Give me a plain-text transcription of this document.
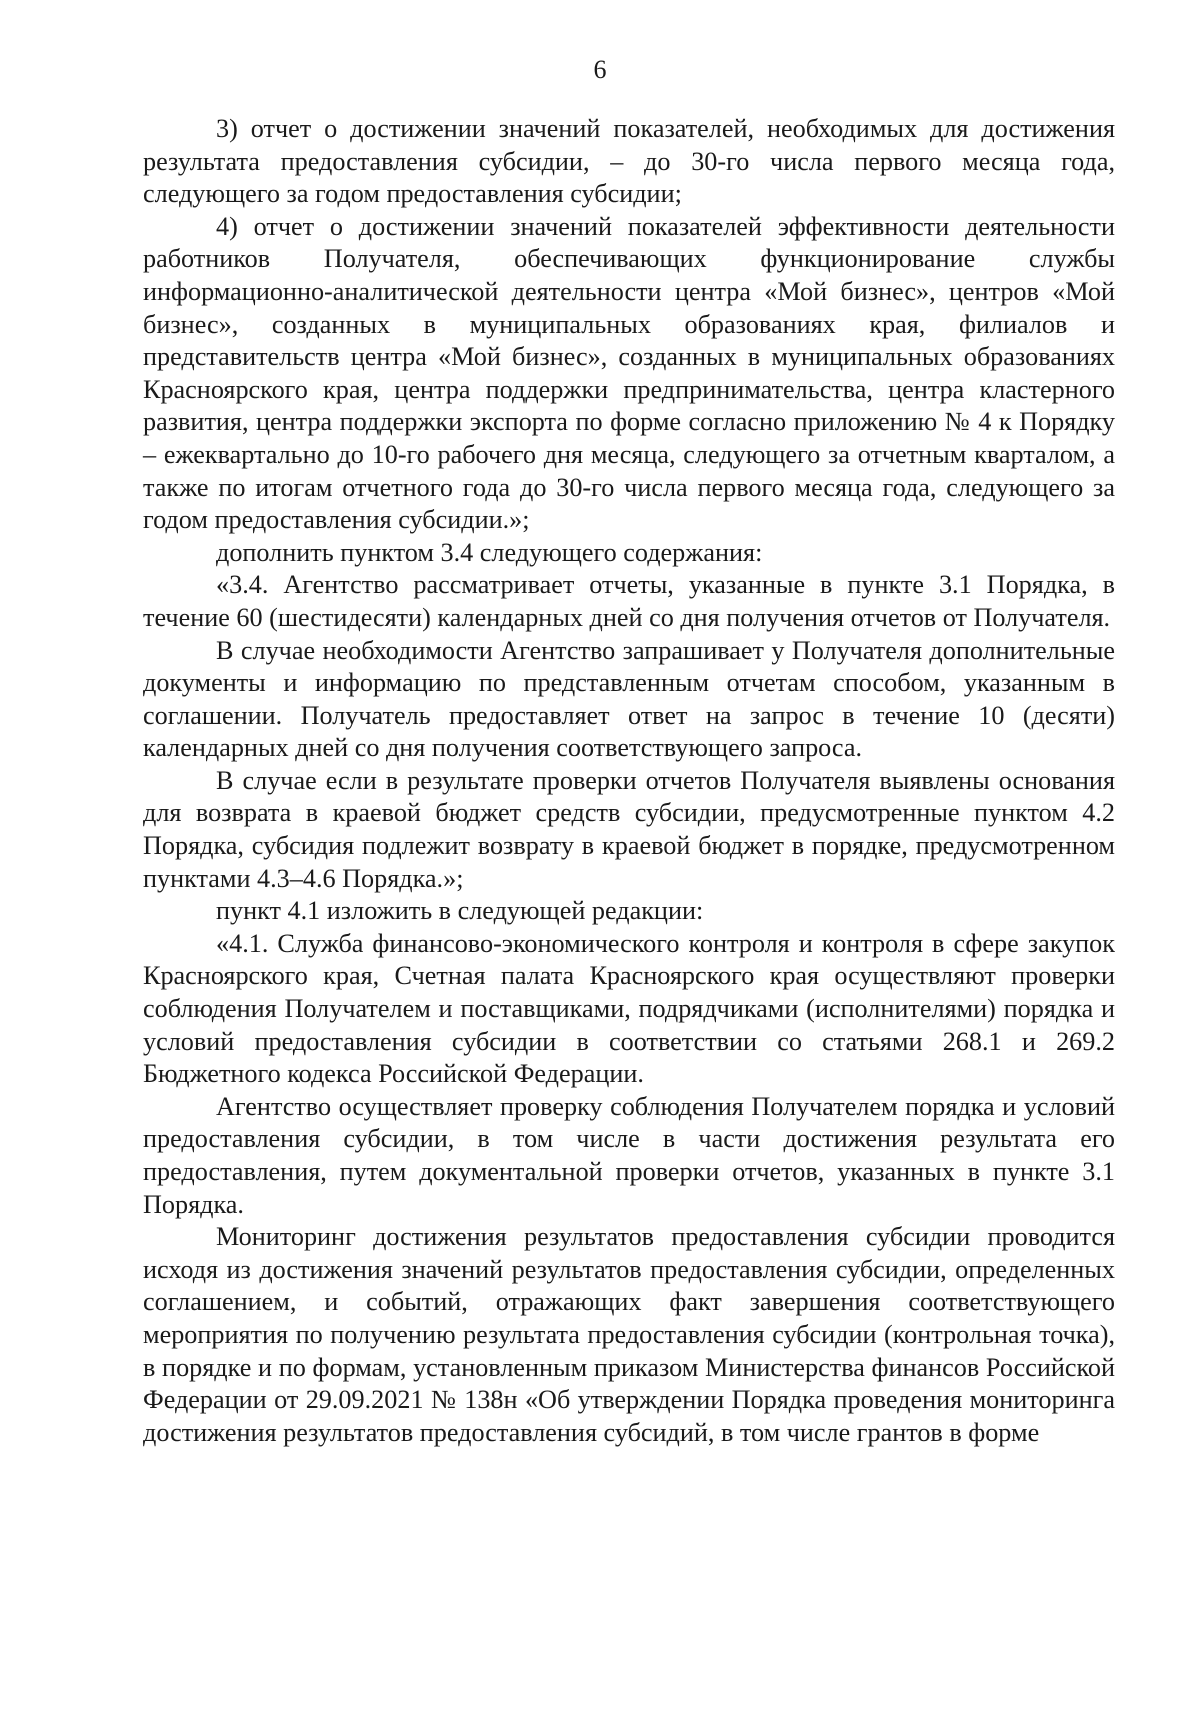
6

3) отчет о достижении значений показателей, необходимых для достижения результата предоставления субсидии, – до 30-го числа первого месяца года, следующего за годом предоставления субсидии;

4) отчет о достижении значений показателей эффективности деятельности работников Получателя, обеспечивающих функционирование службы информационно-аналитической деятельности центра «Мой бизнес», центров «Мой бизнес», созданных в муниципальных образованиях края, филиалов и представительств центра «Мой бизнес», созданных в муниципальных образованиях Красноярского края, центра поддержки предпринимательства, центра кластерного развития, центра поддержки экспорта по форме согласно приложению № 4 к Порядку – ежеквартально до 10-го рабочего дня месяца, следующего за отчетным кварталом, а также по итогам отчетного года до 30-го числа первого месяца года, следующего за годом предоставления субсидии.»;

дополнить пунктом 3.4 следующего содержания:

«3.4. Агентство рассматривает отчеты, указанные в пункте 3.1 Порядка, в течение 60 (шестидесяти) календарных дней со дня получения отчетов от Получателя.

В случае необходимости Агентство запрашивает у Получателя дополнительные документы и информацию по представленным отчетам способом, указанным в соглашении. Получатель предоставляет ответ на запрос в течение 10 (десяти) календарных дней со дня получения соответствующего запроса.

В случае если в результате проверки отчетов Получателя выявлены основания для возврата в краевой бюджет средств субсидии, предусмотренные пунктом 4.2 Порядка, субсидия подлежит возврату в краевой бюджет в порядке, предусмотренном пунктами 4.3–4.6 Порядка.»;

пункт 4.1 изложить в следующей редакции:

«4.1. Служба финансово-экономического контроля и контроля в сфере закупок Красноярского края, Счетная палата Красноярского края осуществляют проверки соблюдения Получателем и поставщиками, подрядчиками (исполнителями) порядка и условий предоставления субсидии в соответствии со статьями 268.1 и 269.2 Бюджетного кодекса Российской Федерации.

Агентство осуществляет проверку соблюдения Получателем порядка и условий предоставления субсидии, в том числе в части достижения результата его предоставления, путем документальной проверки отчетов, указанных в пункте 3.1 Порядка.

Мониторинг достижения результатов предоставления субсидии проводится исходя из достижения значений результатов предоставления субсидии, определенных соглашением, и событий, отражающих факт завершения соответствующего мероприятия по получению результата предоставления субсидии (контрольная точка), в порядке и по формам, установленным приказом Министерства финансов Российской Федерации от 29.09.2021 № 138н «Об утверждении Порядка проведения мониторинга достижения результатов предоставления субсидий, в том числе грантов в форме
